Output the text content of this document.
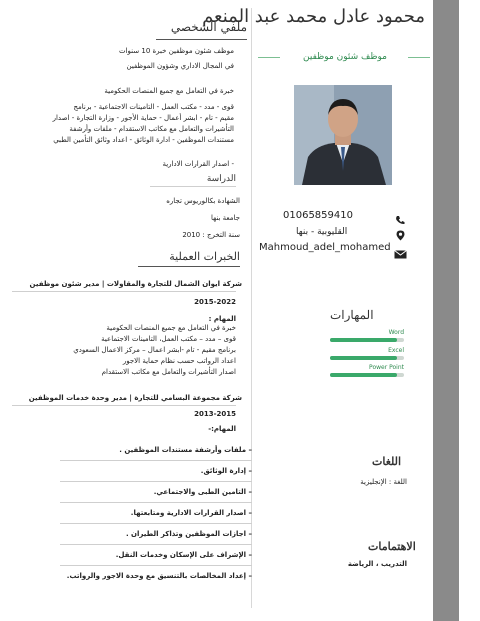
محمود عادل محمد عبد المنعم
موظف شئون موظفين
01065859410
القليوبية - بنها
Mahmoud_adel_mohamed
المهارات
Word
Excel
Power Point
اللغات
اللغة : الإنجليزية
الاهتمامات
التدريب ، الرياضة
ملفي الشخصي
موظف شئون موظفين خبرة 10 سنوات
في المجال الاداري وشؤون الموظفين
خبرة في التعامل مع جميع المنصات الحكومية
قوى - مدد - مكتب العمل - التامينات الاجتماعية - برنامج
مقيم - تام - ابشر أعمال - حماية الأجور - وزارة التجارة - اصدار
التأشيرات والتعامل مع مكاتب الاستقدام - ملفات وأرشفة
مستندات الموظفين - ادارة الوثائق - اعداد وثائق التأمين الطبي
- اصدار القرارات الادارية
الدراسة
الشهادة بكالوريوس تجاره
جامعة بنها
سنة التخرج : 2010
الخبرات العملية
شركة ايوان الشمال للتجارة والمقاولات | مدير شئون موظفين
2015-2022
المهام :
خبرة في التعامل مع جميع المنصات الحكومية
قوى – مدد – مكتب العمل، التامينات الاجتماعية
برنامج مقيم - تام -ابشر اعمال – مركز الاعمال السعودي
اعداد الرواتب حسب نظام حماية الاجور
اصدار التأشيرات والتعامل مع مكاتب الاستقدام
شركة مجموعة البسامي للتجارة | مدير وحدة خدمات الموظفين
2013-2015
المهام:-
– ملفات وأرشفة مستندات الموظفين .
– إدارة الوثائق.
– التامين الطبى والاجتماعي.
– اصدار القرارات الادارية ومتابعتها.
– اجازات الموظفين وتذاكر الطيران .
– الإشراف على الإسكان وخدمات النقل.
– إعداد المخالصات بالتنسيق مع وحدة الاجور والرواتب.
